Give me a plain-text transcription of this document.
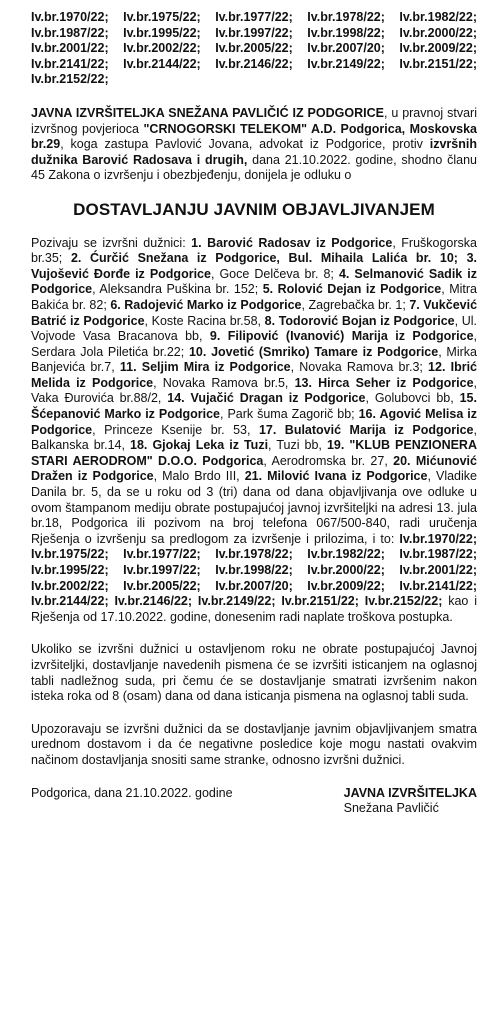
Iv.br.1970/22; Iv.br.1975/22; Iv.br.1977/22; Iv.br.1978/22; Iv.br.1982/22;
Iv.br.1987/22; Iv.br.1995/22; Iv.br.1997/22; Iv.br.1998/22; Iv.br.2000/22;
Iv.br.2001/22; Iv.br.2002/22; Iv.br.2005/22; Iv.br.2007/20; Iv.br.2009/22;
Iv.br.2141/22; Iv.br.2144/22; Iv.br.2146/22; Iv.br.2149/22; Iv.br.2151/22;
Iv.br.2152/22;

JAVNA IZVRŠITELJKA SNEŽANA PAVLIČIĆ IZ PODGORICE, u pravnoj stvari izvršnog povjerioca "CRNOGORSKI TELEKOM" A.D. Podgorica, Moskovska br.29, koga zastupa Pavlović Jovana, advokat iz Podgorice, protiv izvršnih dužnika Barović Radosava i drugih, dana 21.10.2022. godine, shodno članu 45 Zakona o izvršenju i obezbjeđenju, donijela je odluku o

DOSTAVLJANJU JAVNIM OBJAVLJIVANJEM

Pozivaju se izvršni dužnici: 1. Barović Radosav iz Podgorice, Fruškogorska br.35; 2. Ćurčić Snežana iz Podgorice, Bul. Mihaila Lalića br. 10; 3. Vujošević Đorđe iz Podgorice, Goce Delčeva br. 8; 4. Selmanović Sadik iz Podgorice, Aleksandra Puškina br. 152; 5. Rolović Dejan iz Podgorice, Mitra Bakića br. 82; 6. Radojević Marko iz Podgorice, Zagrebačka br. 1; 7. Vukčević Batrić iz Podgorice, Koste Racina br.58, 8. Todorović Bojan iz Podgorice, Ul. Vojvode Vasa Bracanova bb, 9. Filipović (Ivanović) Marija iz Podgorice, Serdara Jola Piletića br.22; 10. Jovetić (Smriko) Tamare iz Podgorice, Mirka Banjevića br.7, 11. Seljim Mira iz Podgorice, Novaka Ramova br.3; 12. Ibrić Melida iz Podgorice, Novaka Ramova br.5, 13. Hirca Seher iz Podgorice, Vaka Đurovića br.88/2, 14. Vujačić Dragan iz Podgorice, Golubovci bb, 15. Šćepanović Marko iz Podgorice, Park šuma Zagorič bb; 16. Agović Melisa iz Podgorice, Princeze Ksenije br. 53, 17. Bulatović Marija iz Podgorice, Balkanska br.14, 18. Gjokaj Leka iz Tuzi, Tuzi bb, 19. "KLUB PENZIONERA STARI AERODROM" D.O.O. Podgorica, Aerodromska br. 27, 20. Mićunović Dražen iz Podgorice, Malo Brdo III, 21. Milović Ivana iz Podgorice, Vladike Danila br. 5, da se u roku od 3 (tri) dana od dana objavljivanja ove odluke u ovom štampanom mediju obrate postupajućoj javnoj izvršiteljki na adresi 13. jula br.18, Podgorica ili pozivom na broj telefona 067/500-840, radi uručenja Rješenja o izvršenju sa predlogom za izvršenje i prilozima, i to: Iv.br.1970/22; Iv.br.1975/22; Iv.br.1977/22; Iv.br.1978/22; Iv.br.1982/22; Iv.br.1987/22; Iv.br.1995/22; Iv.br.1997/22; Iv.br.1998/22; Iv.br.2000/22; Iv.br.2001/22; Iv.br.2002/22; Iv.br.2005/22; Iv.br.2007/20; Iv.br.2009/22; Iv.br.2141/22; Iv.br.2144/22; Iv.br.2146/22; Iv.br.2149/22; Iv.br.2151/22; Iv.br.2152/22; kao i Rješenja od 17.10.2022. godine, donesenim radi naplate troškova postupka.

Ukoliko se izvršni dužnici u ostavljenom roku ne obrate postupajućoj Javnoj izvršiteljki, dostavljanje navedenih pismena će se izvršiti isticanjem na oglasnoj tabli nadležnog suda, pri čemu će se dostavljanje smatrati izvršenim nakon isteka roka od 8 (osam) dana od dana isticanja pismena na oglasnoj tabli suda.

Upozoravaju se izvršni dužnici da se dostavljanje javnim objavljivanjem smatra urednom dostavom i da će negativne posledice koje mogu nastati ovakvim načinom dostavljanja snositi same stranke, odnosno izvršni dužnici.

Podgorica, dana 21.10.2022. godine	JAVNA IZVRŠITELJKA
Snežana Pavličić
